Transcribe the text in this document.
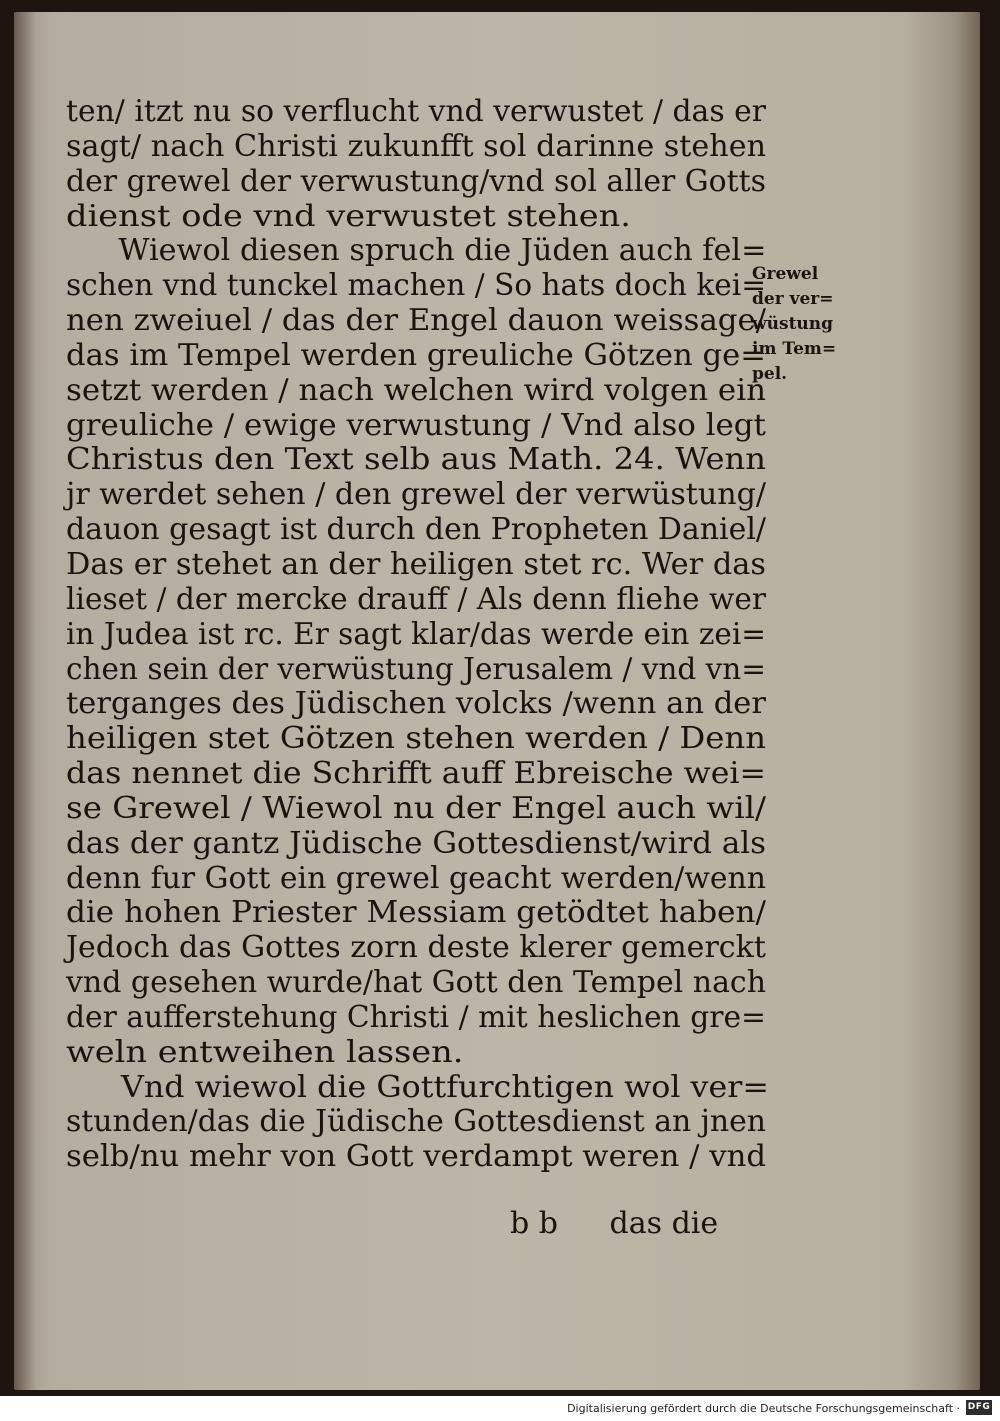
ten/ itzt nu so verflucht vnd verwustet / das er
sagt/ nach Christi zukunfft sol darinne stehen
der grewel der verwustung/vnd sol aller Gotts
dienst ode vnd verwustet stehen.
Wiewol diesen spruch die Jüden auch fel=
schen vnd tunckel machen / So hats doch kei=
nen zweiuel / das der Engel dauon weissage/
das im Tempel werden greuliche Götzen ge=
setzt werden / nach welchen wird volgen ein
greuliche / ewige verwustung / Vnd also legt
Christus den Text selb aus Math. 24. Wenn
jr werdet sehen / den grewel der verwüstung/
dauon gesagt ist durch den Propheten Daniel/
Das er stehet an der heiligen stet rc. Wer das
lieset / der mercke drauff / Als denn fliehe wer
in Judea ist rc. Er sagt klar/das werde ein zei=
chen sein der verwüstung Jerusalem / vnd vn=
terganges des Jüdischen volcks /wenn an der
heiligen stet Götzen stehen werden / Denn
das nennet die Schrifft auff Ebreische wei=
se Grewel / Wiewol nu der Engel auch wil/
das der gantz Jüdische Gottesdienst/wird als
denn fur Gott ein grewel geacht werden/wenn
die hohen Priester Messiam getödtet haben/
Jedoch das Gottes zorn deste klerer gemerckt
vnd gesehen wurde/hat Gott den Tempel nach
der aufferstehung Christi / mit heslichen gre=
weln entweihen lassen.
Vnd wiewol die Gottfurchtigen wol ver=
stunden/das die Jüdische Gottesdienst an jnen
selb/nu mehr von Gott verdampt weren / vnd
Grewel
der ver=
wüstung
im Tem=
pel.
b b das die
Digitalisierung gefördert durch die Deutsche Forschungsgemeinschaft · DFG
